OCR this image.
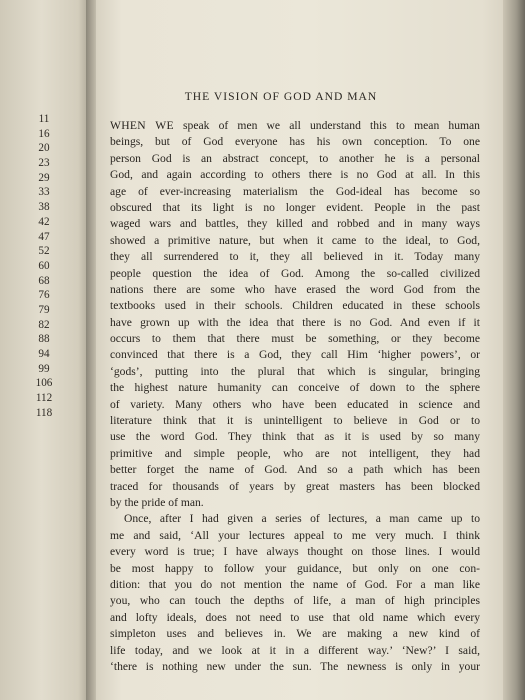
11
16
20
23
29
33
38
42
47
52
60
68
76
79
82
88
94
99
106
112
118
THE VISION OF GOD AND MAN
WHEN WE speak of men we all understand this to mean human
beings, but of God everyone has his own conception. To one
person God is an abstract concept, to another he is a personal
God, and again according to others there is no God at all. In this
age of ever-increasing materialism the God-ideal has become so
obscured that its light is no longer evident. People in the past
waged wars and battles, they killed and robbed and in many ways
showed a primitive nature, but when it came to the ideal, to God,
they all surrendered to it, they all believed in it. Today many
people question the idea of God. Among the so-called civilized
nations there are some who have erased the word God from the
textbooks used in their schools. Children educated in these schools
have grown up with the idea that there is no God. And even if it
occurs to them that there must be something, or they become
convinced that there is a God, they call Him ‘higher powers’, or
‘gods’, putting into the plural that which is singular, bringing
the highest nature humanity can conceive of down to the sphere
of variety. Many others who have been educated in science and
literature think that it is unintelligent to believe in God or to
use the word God. They think that as it is used by so many
primitive and simple people, who are not intelligent, they had
better forget the name of God. And so a path which has been
traced for thousands of years by great masters has been blocked
by the pride of man.
Once, after I had given a series of lectures, a man came up to
me and said, ‘All your lectures appeal to me very much. I think
every word is true; I have always thought on those lines. I would
be most happy to follow your guidance, but only on one con-
dition: that you do not mention the name of God. For a man like
you, who can touch the depths of life, a man of high principles
and lofty ideals, does not need to use that old name which every
simpleton uses and believes in. We are making a new kind of
life today, and we look at it in a different way.’ ‘New?’ I said,
‘there is nothing new under the sun. The newness is only in your
